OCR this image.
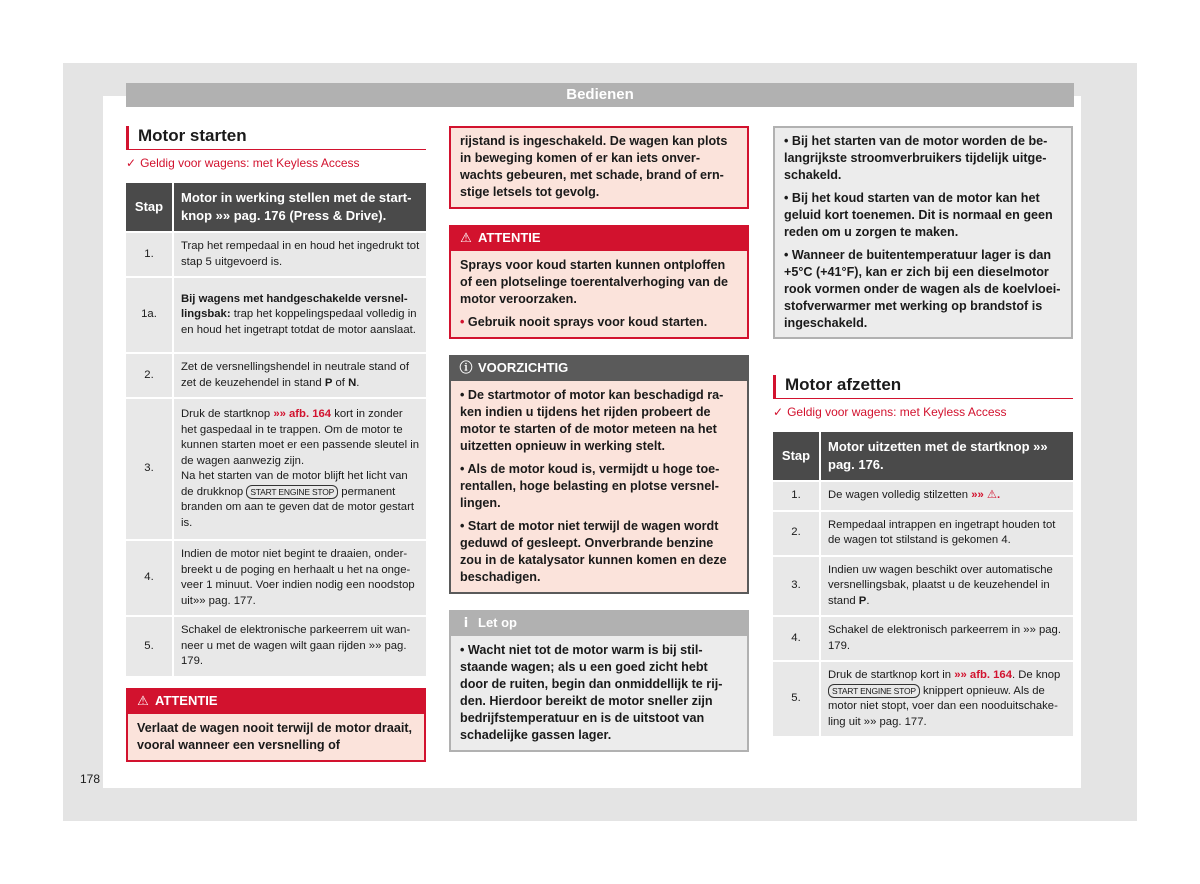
Bedienen
Motor starten
✓ Geldig voor wagens: met Keyless Access
Stap	Motor in werking stellen met de start-knop »» pag. 176 (Press & Drive).
1.	Trap het rempedaal in en houd het ingedrukt tot stap 5 uitgevoerd is.
1a.	Bij wagens met handgeschakelde versnellingsbak: trap het koppelingspedaal volledig in en houd het ingetrapt totdat de motor aanslaat.
2.	Zet de versnellingshendel in neutrale stand of zet de keuzehendel in stand P of N.
3.	Druk de startknop »» afb. 164 kort in zonder het gaspedaal in te trappen. Om de motor te kunnen starten moet er een passende sleutel in de wagen aanwezig zijn.
Na het starten van de motor blijft het licht van de drukknop START ENGINE STOP permanent branden om aan te geven dat de motor gestart is.
4.	Indien de motor niet begint te draaien, onderbreekt u de poging en herhaalt u het na ongeveer 1 minuut. Voer indien nodig een noodstop uit»» pag. 177.
5.	Schakel de elektronische parkeerrem uit wanneer u met de wagen wilt gaan rijden »» pag. 179.
⚠ ATTENTIE
Verlaat de wagen nooit terwijl de motor draait, vooral wanneer een versnelling of
rijstand is ingeschakeld. De wagen kan plots in beweging komen of er kan iets onverwachts gebeuren, met schade, brand of ernstige letsels tot gevolg.
⚠ ATTENTIE
Sprays voor koud starten kunnen ontploffen of een plotselinge toerentalverhoging van de motor veroorzaken.
• Gebruik nooit sprays voor koud starten.
ⓘ VOORZICHTIG
• De startmotor of motor kan beschadigd raken indien u tijdens het rijden probeert de motor te starten of de motor meteen na het uitzetten opnieuw in werking stelt.
• Als de motor koud is, vermijdt u hoge toerentallen, hoge belasting en plotse versnellingen.
• Start de motor niet terwijl de wagen wordt geduwd of gesleept. Onverbrande benzine zou in de katalysator kunnen komen en deze beschadigen.
ⅰ Let op
• Wacht niet tot de motor warm is bij stilstaande wagen; als u een goed zicht hebt door de ruiten, begin dan onmiddellijk te rijden. Hierdoor bereikt de motor sneller zijn bedrijfstemperatuur en is de uitstoot van schadelijke gassen lager.
• Bij het starten van de motor worden de belangrijkste stroomverbruikers tijdelijk uitgeschakeld.
• Bij het koud starten van de motor kan het geluid kort toenemen. Dit is normaal en geen reden om u zorgen te maken.
• Wanneer de buitentemperatuur lager is dan +5°C (+41°F), kan er zich bij een dieselmotor rook vormen onder de wagen als de koelvloeistofverwarmer met werking op brandstof is ingeschakeld.
Motor afzetten
✓ Geldig voor wagens: met Keyless Access
Stap	Motor uitzetten met de startknop »» pag. 176.
1.	De wagen volledig stilzetten »» ⚠.
2.	Rempedaal intrappen en ingetrapt houden tot de wagen tot stilstand is gekomen 4.
3.	Indien uw wagen beschikt over automatische versnellingsbak, plaatst u de keuzehendel in stand P.
4.	Schakel de elektronisch parkeerrem in »» pag. 179.
5.	Druk de startknop kort in »» afb. 164. De knop START ENGINE STOP knippert opnieuw. Als de motor niet stopt, voer dan een nooduitschakeling uit »» pag. 177.
178
